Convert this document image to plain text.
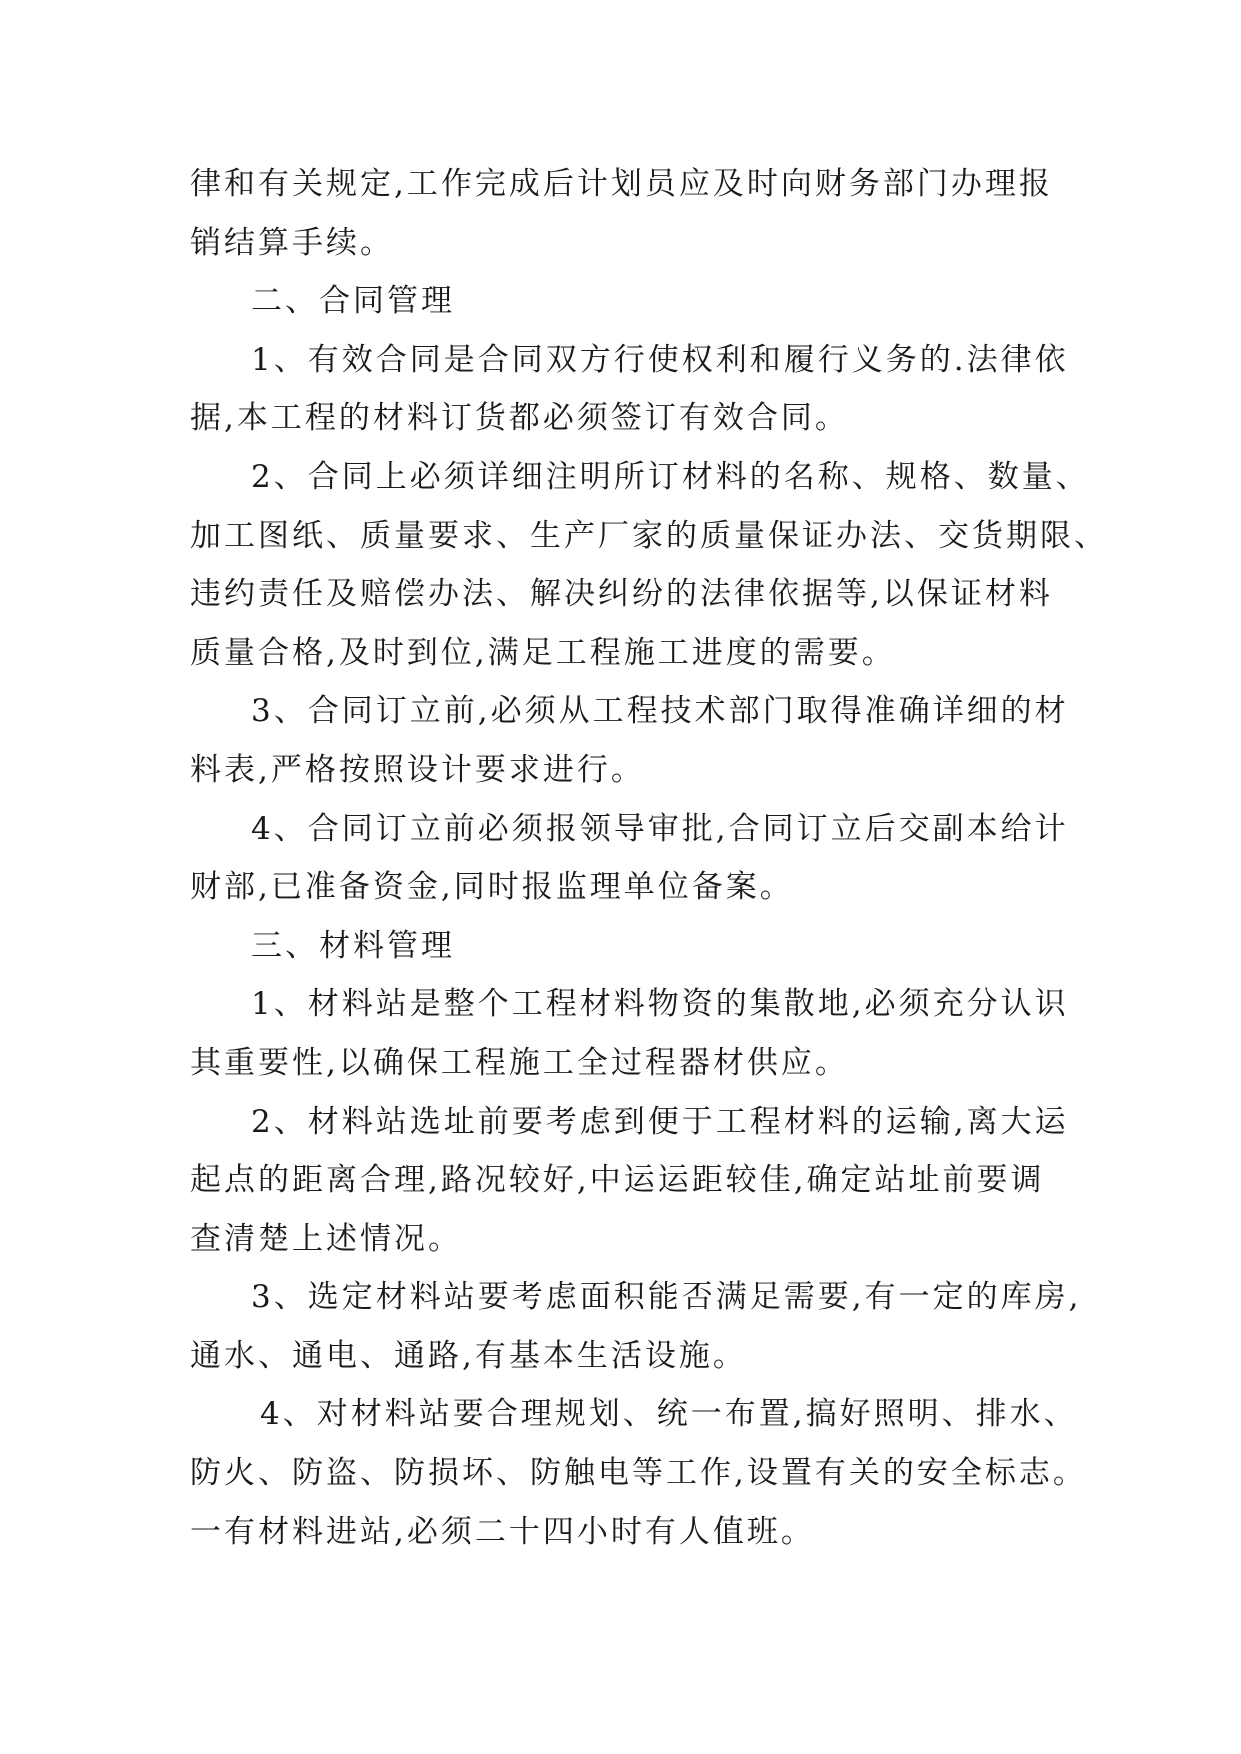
律和有关规定,工作完成后计划员应及时向财务部门办理报
销结算手续。
二、合同管理
1、有效合同是合同双方行使权利和履行义务的.法律依
据,本工程的材料订货都必须签订有效合同。
2、合同上必须详细注明所订材料的名称、规格、数量、
加工图纸、质量要求、生产厂家的质量保证办法、交货期限、
违约责任及赔偿办法、解决纠纷的法律依据等,以保证材料
质量合格,及时到位,满足工程施工进度的需要。
3、合同订立前,必须从工程技术部门取得准确详细的材
料表,严格按照设计要求进行。
4、合同订立前必须报领导审批,合同订立后交副本给计
财部,已准备资金,同时报监理单位备案。
三、材料管理
1、材料站是整个工程材料物资的集散地,必须充分认识
其重要性,以确保工程施工全过程器材供应。
2、材料站选址前要考虑到便于工程材料的运输,离大运
起点的距离合理,路况较好,中运运距较佳,确定站址前要调
查清楚上述情况。
3、选定材料站要考虑面积能否满足需要,有一定的库房,
通水、通电、通路,有基本生活设施。
4、对材料站要合理规划、统一布置,搞好照明、排水、
防火、防盗、防损坏、防触电等工作,设置有关的安全标志。
一有材料进站,必须二十四小时有人值班。
